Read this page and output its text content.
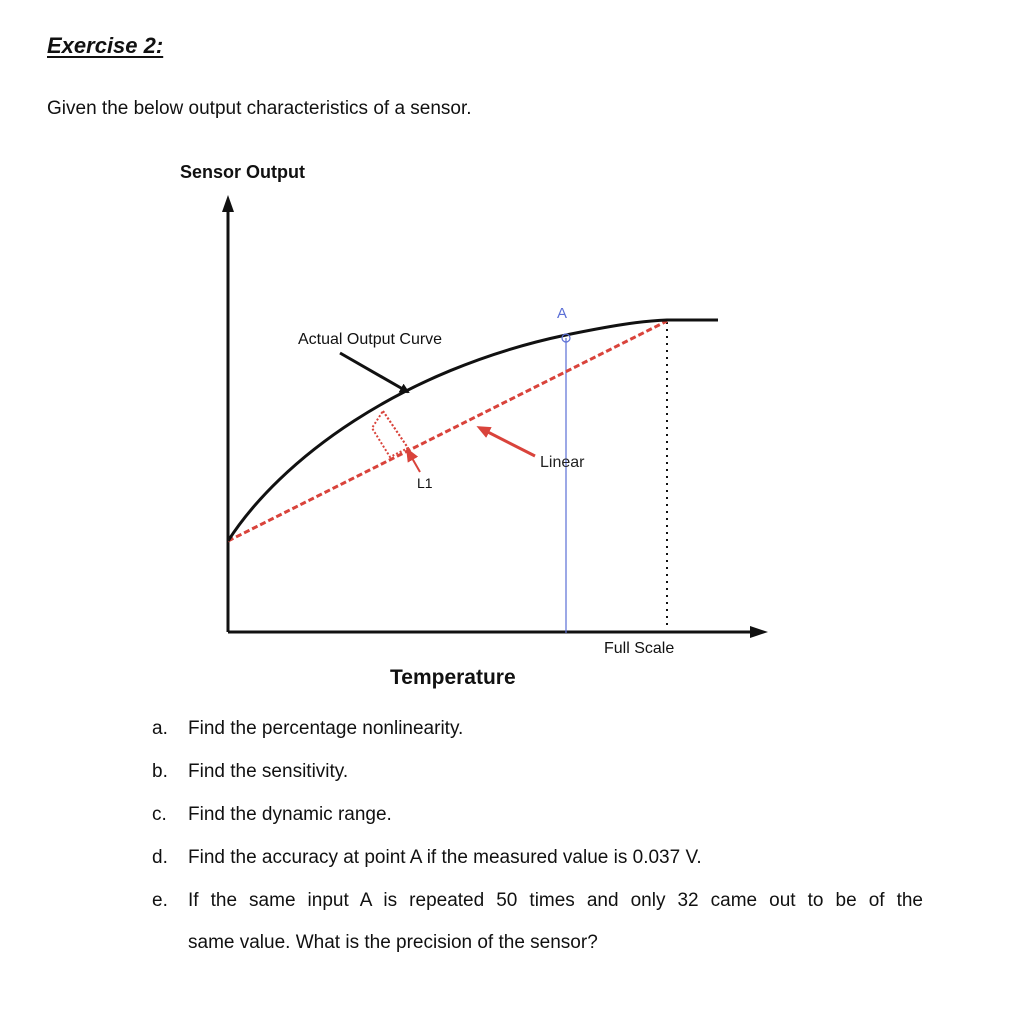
Exercise 2:
Given the below output characteristics of a sensor.
Sensor Output
Actual Output Curve
A
Linear
L1
Full Scale
Temperature
a. Find the percentage nonlinearity.
b. Find the sensitivity.
c. Find the dynamic range.
d. Find the accuracy at point A if the measured value is 0.037 V.
e.	If the same input A is repeated 50 times and only 32 came out to be of the
same value. What is the precision of the sensor?
